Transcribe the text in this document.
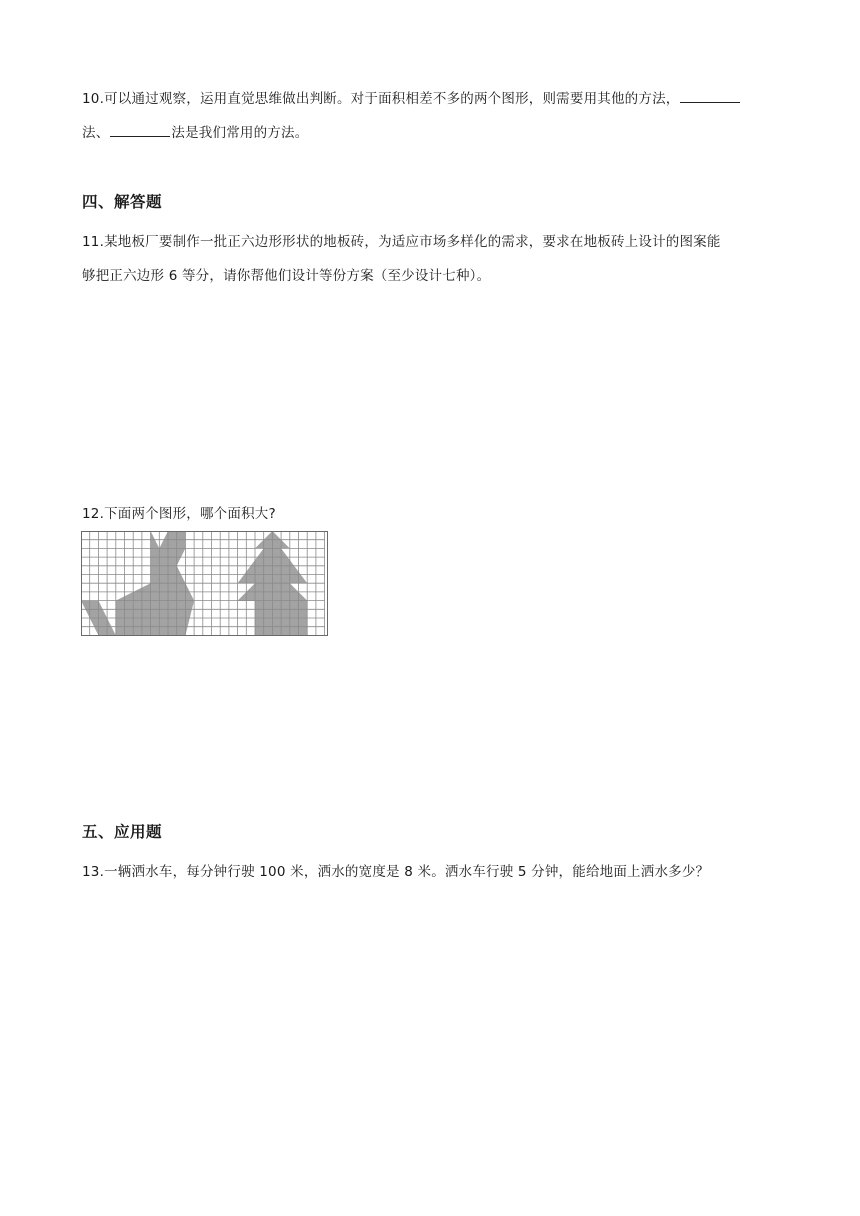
10.可以通过观察，运用直觉思维做出判断。对于面积相差不多的两个图形，则需要用其他的方法，
法、	法是我们常用的方法。
四、解答题
11.某地板厂要制作一批正六边形形状的地板砖，为适应市场多样化的需求，要求在地板砖上设计的图案能
够把正六边形 6 等分，请你帮他们设计等份方案（至少设计七种）。
12.下面两个图形，哪个面积大?
五、应用题
13.一辆洒水车，每分钟行驶 100 米，洒水的宽度是 8 米。洒水车行驶 5 分钟，能给地面上洒水多少？
